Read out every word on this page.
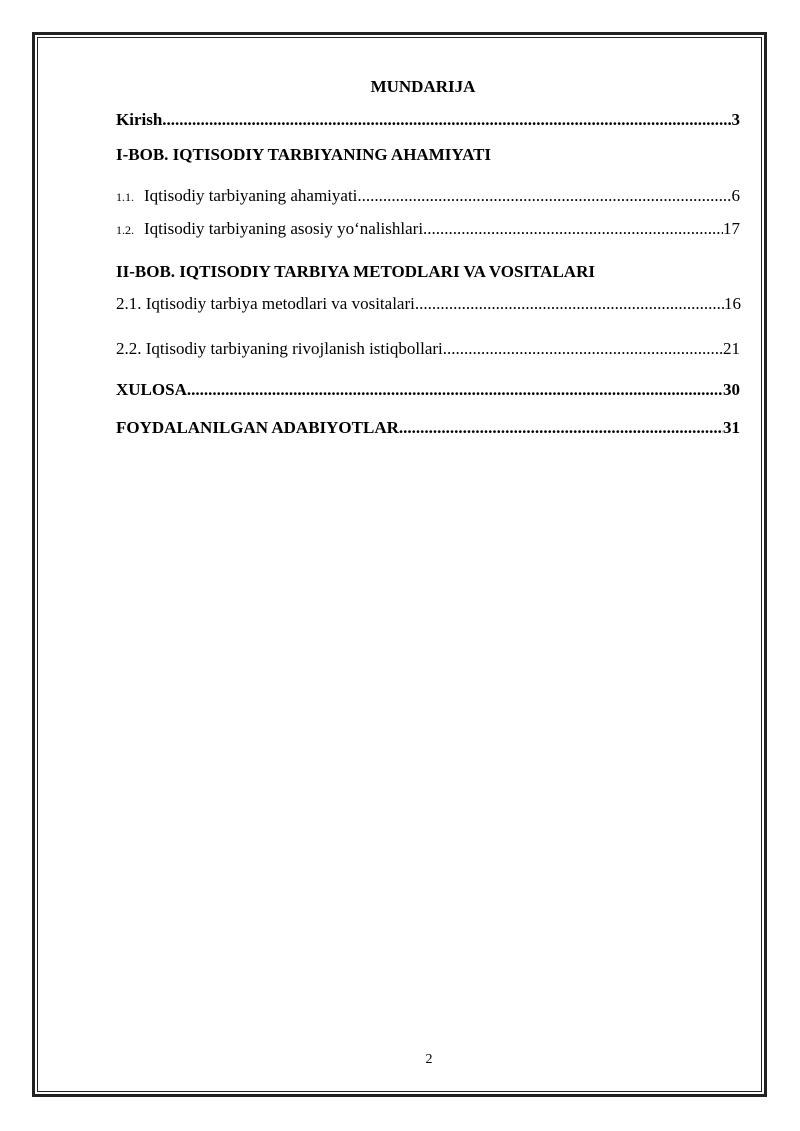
MUNDARIJA
Kirish .....	3
I-BOB. IQTISODIY TARBIYANING AHAMIYATI
1.1. Iqtisodiy tarbiyaning ahamiyati .....	6
1.2. Iqtisodiy tarbiyaning asosiy yo‘nalishlari .....	17
II-BOB. IQTISODIY TARBIYA METODLARI VA VOSITALARI
2.1. Iqtisodiy tarbiya metodlari va vositalari .....	16
2.2. Iqtisodiy tarbiyaning rivojlanish istiqbollari .....	21
XULOSA .....	30
FOYDALANILGAN ADABIYOTLAR .....	31
2
